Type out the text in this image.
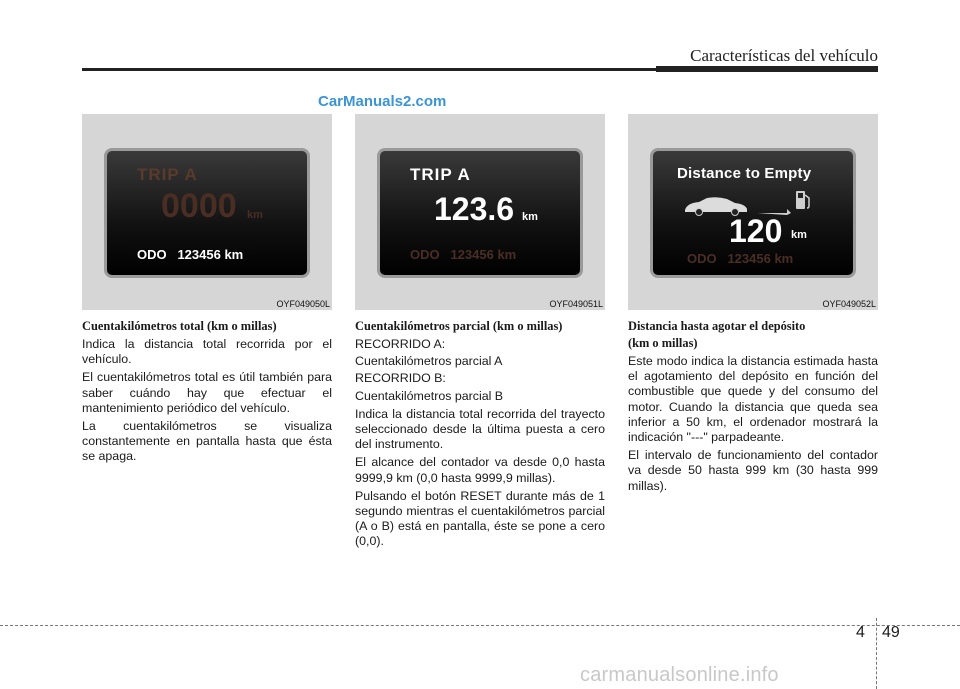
Características del vehículo
CarManuals2.com
TRIP A
0000 km
ODO   123456 km
OYF049050L
TRIP A
123.6 km
ODO   123456 km
OYF049051L
Distance to Empty
120 km
ODO   123456 km
OYF049052L
Cuentakilómetros total (km o millas)

Indica la distancia total recorrida por el vehículo.

El cuentakilómetros total es útil también para saber cuándo hay que efectuar el mantenimiento periódico del vehículo.

La cuentakilómetros se visualiza constantemente en pantalla hasta que ésta se apaga.

Cuentakilómetros parcial (km o millas)

RECORRIDO A:

Cuentakilómetros parcial A

RECORRIDO B:

Cuentakilómetros parcial B

Indica la distancia total recorrida del trayecto seleccionado desde la última puesta a cero del instrumento.

El alcance del contador va desde 0,0 hasta 9999,9 km (0,0 hasta 9999,9 millas).

Pulsando el botón RESET durante más de 1 segundo mientras el cuentakilómetros parcial (A o B) está en pantalla, éste se pone a cero (0,0).

Distancia hasta agotar el depósito
(km o millas)

Este modo indica la distancia estimada hasta el agotamiento del depósito en función del combustible que quede y del consumo del motor. Cuando la distancia que queda sea inferior a 50 km, el ordenador mostrará la indicación "---" parpadeante.

El intervalo de funcionamiento del contador va desde 50 hasta 999 km (30 hasta 999 millas).

4 49
carmanualsonline.info
